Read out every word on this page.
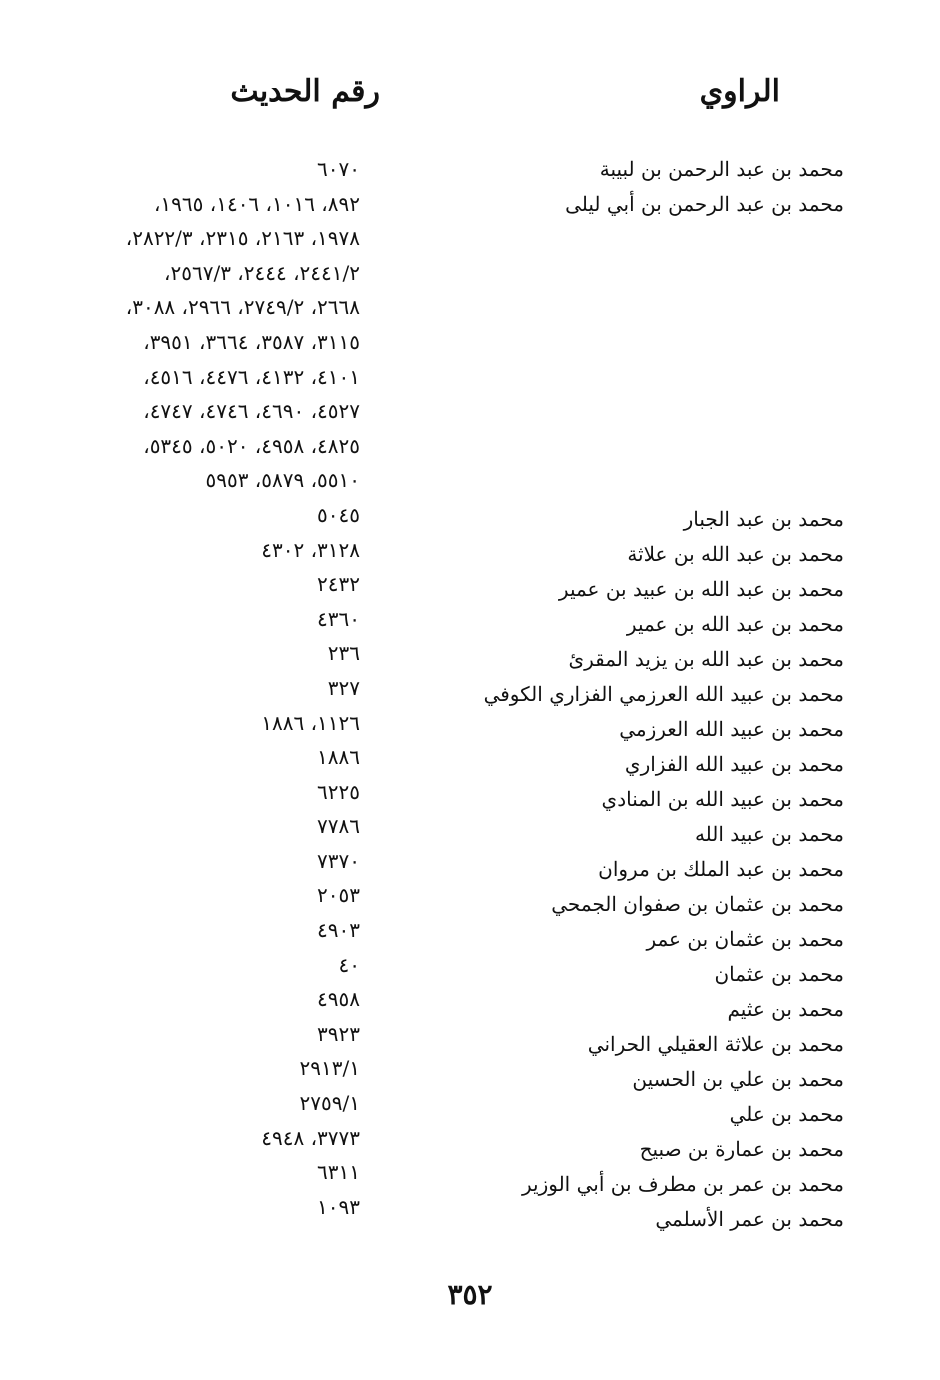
الراوي
رقم الحديث
محمد بن عبد الرحمن بن لبيبة
محمد بن عبد الرحمن بن أبي ليلى
محمد بن عبد الجبار
محمد بن عبد الله بن علاثة
محمد بن عبد الله بن عبيد بن عمير
محمد بن عبد الله بن عمير
محمد بن عبد الله بن يزيد المقرئ
محمد بن عبيد الله العرزمي الفزاري الكوفي
محمد بن عبيد الله العرزمي
محمد بن عبيد الله الفزاري
محمد بن عبيد الله بن المنادي
محمد بن عبيد الله
محمد بن عبد الملك بن مروان
محمد بن عثمان بن صفوان الجمحي
محمد بن عثمان بن عمر
محمد بن عثمان
محمد بن عثيم
محمد بن علاثة العقيلي الحراني
محمد بن علي بن الحسين
محمد بن علي
محمد بن عمارة بن صبيح
محمد بن عمر بن مطرف بن أبي الوزير
محمد بن عمر الأسلمي
٦٠٧٠
٨٩٢، ١٠١٦، ١٤٠٦، ١٩٦٥،
١٩٧٨، ٢١٦٣، ٢٣١٥، ٢٨٢٢/٣،
٢٤٤١/٢، ٢٤٤٤، ٢٥٦٧/٣،
٢٦٦٨، ٢٧٤٩/٢، ٢٩٦٦، ٣٠٨٨،
٣١١٥، ٣٥٨٧، ٣٦٦٤، ٣٩٥١،
٤١٠١، ٤١٣٢، ٤٤٧٦، ٤٥١٦،
٤٥٢٧، ٤٦٩٠، ٤٧٤٦، ٤٧٤٧،
٤٨٢٥، ٤٩٥٨، ٥٠٢٠، ٥٣٤٥،
٥٥١٠، ٥٨٧٩، ٥٩٥٣
٥٠٤٥
٣١٢٨، ٤٣٠٢
٢٤٣٢
٤٣٦٠
٢٣٦
٣٢٧
١١٢٦، ١٨٨٦
١٨٨٦
٦٢٢٥
٧٧٨٦
٧٣٧٠
٢٠٥٣
٤٩٠٣
٤٠
٤٩٥٨
٣٩٢٣
٢٩١٣/١
٢٧٥٩/١
٣٧٧٣، ٤٩٤٨
٦٣١١
١٠٩٣
٣٥٢
